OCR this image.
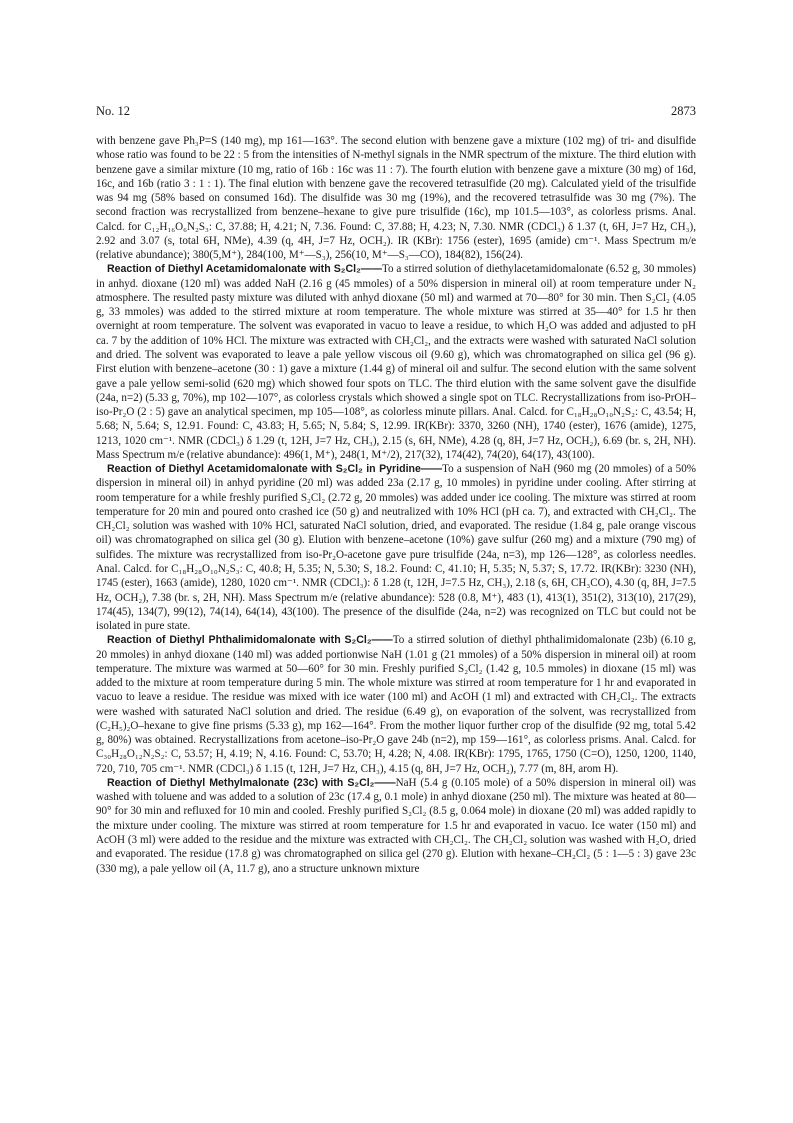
No. 12	2873

with benzene gave Ph₃P=S (140 mg), mp 161—163°. The second elution with benzene gave a mixture (102 mg) of tri- and disulfide whose ratio was found to be 22 : 5 from the intensities of N-methyl signals in the NMR spectrum of the mixture. The third elution with benzene gave a similar mixture (10 mg, ratio of 16b : 16c was 11 : 7). The fourth elution with benzene gave a mixture (30 mg) of 16d, 16c, and 16b (ratio 3 : 1 : 1). The final elution with benzene gave the recovered tetrasulfide (20 mg). Calculated yield of the trisulfide was 94 mg (58% based on consumed 16d). The disulfide was 30 mg (19%), and the recovered tetrasulfide was 30 mg (7%). The second fraction was recrystallized from benzene–hexane to give pure trisulfide (16c), mp 101.5—103°, as colorless prisms. Anal. Calcd. for C₁₂H₁₆O₆N₂S₃: C, 37.88; H, 4.21; N, 7.36. Found: C, 37.88; H, 4.23; N, 7.30. NMR (CDCl₃) δ 1.37 (t, 6H, J=7 Hz, CH₃), 2.92 and 3.07 (s, total 6H, NMe), 4.39 (q, 4H, J=7 Hz, OCH₂). IR (KBr): 1756 (ester), 1695 (amide) cm⁻¹. Mass Spectrum m/e (relative abundance); 380(5,M⁺), 284(100, M⁺—S₃), 256(10, M⁺—S₃—CO), 184(82), 156(24).

Reaction of Diethyl Acetamidomalonate with S₂Cl₂——To a stirred solution of diethylacetamidomalonate (6.52 g, 30 mmoles) in anhyd. dioxane (120 ml) was added NaH (2.16 g (45 mmoles) of a 50% dispersion in mineral oil) at room temperature under N₂ atmosphere. The resulted pasty mixture was diluted with anhyd dioxane (50 ml) and warmed at 70—80° for 30 min. Then S₂Cl₂ (4.05 g, 33 mmoles) was added to the stirred mixture at room temperature. The whole mixture was stirred at 35—40° for 1.5 hr then overnight at room temperature. The solvent was evaporated in vacuo to leave a residue, to which H₂O was added and adjusted to pH ca. 7 by the addition of 10% HCl. The mixture was extracted with CH₂Cl₂, and the extracts were washed with saturated NaCl solution and dried. The solvent was evaporated to leave a pale yellow viscous oil (9.60 g), which was chromatographed on silica gel (96 g). First elution with benzene–acetone (30 : 1) gave a mixture (1.44 g) of mineral oil and sulfur. The second elution with the same solvent gave a pale yellow semi-solid (620 mg) which showed four spots on TLC. The third elution with the same solvent gave the disulfide (24a, n=2) (5.33 g, 70%), mp 102—107°, as colorless crystals which showed a single spot on TLC. Recrystallizations from iso-PrOH–iso-Pr₂O (2 : 5) gave an analytical specimen, mp 105—108°, as colorless minute pillars. Anal. Calcd. for C₁₈H₂₈O₁₀N₂S₂: C, 43.54; H, 5.68; N, 5.64; S, 12.91. Found: C, 43.83; H, 5.65; N, 5.84; S, 12.99. IR(KBr): 3370, 3260 (NH), 1740 (ester), 1676 (amide), 1275, 1213, 1020 cm⁻¹. NMR (CDCl₃) δ 1.29 (t, 12H, J=7 Hz, CH₃), 2.15 (s, 6H, NMe), 4.28 (q, 8H, J=7 Hz, OCH₂), 6.69 (br. s, 2H, NH). Mass Spectrum m/e (relative abundance): 496(1, M⁺), 248(1, M⁺/2), 217(32), 174(42), 74(20), 64(17), 43(100).

Reaction of Diethyl Acetamidomalonate with S₂Cl₂ in Pyridine——To a suspension of NaH (960 mg (20 mmoles) of a 50% dispersion in mineral oil) in anhyd pyridine (20 ml) was added 23a (2.17 g, 10 mmoles) in pyridine under cooling. After stirring at room temperature for a while freshly purified S₂Cl₂ (2.72 g, 20 mmoles) was added under ice cooling. The mixture was stirred at room temperature for 20 min and poured onto crashed ice (50 g) and neutralized with 10% HCl (pH ca. 7), and extracted with CH₂Cl₂. The CH₂Cl₂ solution was washed with 10% HCl, saturated NaCl solution, dried, and evaporated. The residue (1.84 g, pale orange viscous oil) was chromatographed on silica gel (30 g). Elution with benzene–acetone (10%) gave sulfur (260 mg) and a mixture (790 mg) of sulfides. The mixture was recrystallized from iso-Pr₂O-acetone gave pure trisulfide (24a, n=3), mp 126—128°, as colorless needles. Anal. Calcd. for C₁₈H₂₈O₁₀N₂S₃: C, 40.8; H, 5.35; N, 5.30; S, 18.2. Found: C, 41.10; H, 5.35; N, 5.37; S, 17.72. IR(KBr): 3230 (NH), 1745 (ester), 1663 (amide), 1280, 1020 cm⁻¹. NMR (CDCl₃): δ 1.28 (t, 12H, J=7.5 Hz, CH₃), 2.18 (s, 6H, CH₃CO), 4.30 (q, 8H, J=7.5 Hz, OCH₂), 7.38 (br. s, 2H, NH). Mass Spectrum m/e (relative abundance): 528 (0.8, M⁺), 483 (1), 413(1), 351(2), 313(10), 217(29), 174(45), 134(7), 99(12), 74(14), 64(14), 43(100). The presence of the disulfide (24a, n=2) was recognized on TLC but could not be isolated in pure state.

Reaction of Diethyl Phthalimidomalonate with S₂Cl₂——To a stirred solution of diethyl phthalimidomalonate (23b) (6.10 g, 20 mmoles) in anhyd dioxane (140 ml) was added portionwise NaH (1.01 g (21 mmoles) of a 50% dispersion in mineral oil) at room temperature. The mixture was warmed at 50—60° for 30 min. Freshly purified S₂Cl₂ (1.42 g, 10.5 mmoles) in dioxane (15 ml) was added to the mixture at room temperature during 5 min. The whole mixture was stirred at room temperature for 1 hr and evaporated in vacuo to leave a residue. The residue was mixed with ice water (100 ml) and AcOH (1 ml) and extracted with CH₂Cl₂. The extracts were washed with saturated NaCl solution and dried. The residue (6.49 g), on evaporation of the solvent, was recrystallized from (C₂H₅)₂O–hexane to give fine prisms (5.33 g), mp 162—164°. From the mother liquor further crop of the disulfide (92 mg, total 5.42 g, 80%) was obtained. Recrystallizations from acetone–iso-Pr₂O gave 24b (n=2), mp 159—161°, as colorless prisms. Anal. Calcd. for C₃₀H₂₈O₁₂N₂S₂: C, 53.57; H, 4.19; N, 4.16. Found: C, 53.70; H, 4.28; N, 4.08. IR(KBr): 1795, 1765, 1750 (C=O), 1250, 1200, 1140, 720, 710, 705 cm⁻¹. NMR (CDCl₃) δ 1.15 (t, 12H, J=7 Hz, CH₃), 4.15 (q, 8H, J=7 Hz, OCH₂), 7.77 (m, 8H, arom H).

Reaction of Diethyl Methylmalonate (23c) with S₂Cl₂——NaH (5.4 g (0.105 mole) of a 50% dispersion in mineral oil) was washed with toluene and was added to a solution of 23c (17.4 g, 0.1 mole) in anhyd dioxane (250 ml). The mixture was heated at 80—90° for 30 min and refluxed for 10 min and cooled. Freshly purified S₂Cl₂ (8.5 g, 0.064 mole) in dioxane (20 ml) was added rapidly to the mixture under cooling. The mixture was stirred at room temperature for 1.5 hr and evaporated in vacuo. Ice water (150 ml) and AcOH (3 ml) were added to the residue and the mixture was extracted with CH₂Cl₂. The CH₂Cl₂ solution was washed with H₂O, dried and evaporated. The residue (17.8 g) was chromatographed on silica gel (270 g). Elution with hexane–CH₂Cl₂ (5 : 1—5 : 3) gave 23c (330 mg), a pale yellow oil (A, 11.7 g), ano a structure unknown mixture
